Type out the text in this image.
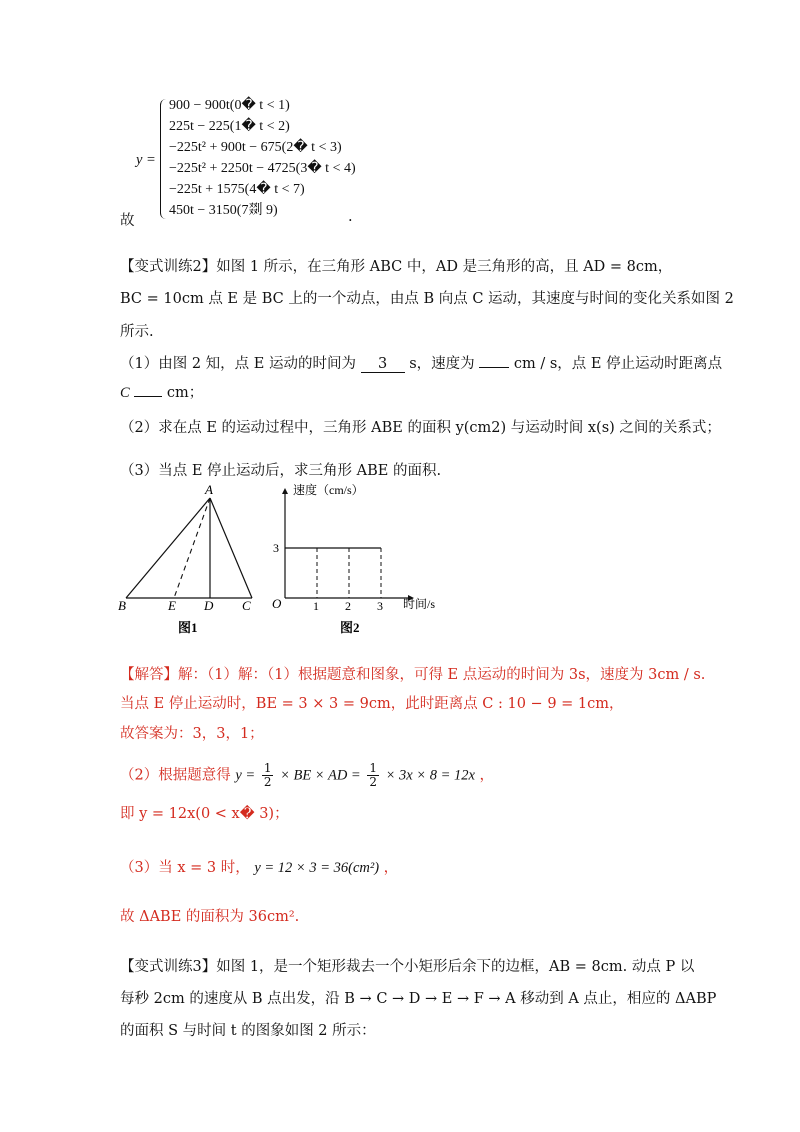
y =
900 − 900t(0� t < 1)
225t − 225(1� t < 2)
−225t² + 900t − 675(2� t < 3)
−225t² + 2250t − 4725(3� t < 4)
−225t + 1575(4� t < 7)
450t − 3150(7剟 9)
故	.
【变式训练2】如图 1 所示，在三角形 ABC 中，AD 是三角形的高，且 AD = 8cm，
BC = 10cm 点 E 是 BC 上的一个动点，由点 B 向点 C 运动，其速度与时间的变化关系如图 2
所示.
（1）由图 2 知，点 E 运动的时间为 3 s，速度为	cm / s，点 E 停止运动时距离点
C	cm；
（2）求在点 E 的运动过程中，三角形 ABE 的面积 y(cm2) 与运动时间 x(s) 之间的关系式；
（3）当点 E 停止运动后，求三角形 ABE 的面积.
A
B	E D C
图1
1 2 3
3
速度（cm/s）
时间/s
O
图2
【解答】解：（1）解：（1）根据题意和图象，可得 E 点运动的时间为 3s，速度为 3cm / s.
当点 E 停止运动时，BE = 3 × 3 = 9cm，此时距离点 C : 10 − 9 = 1cm，
故答案为：3，3，1；
（2）根据题意得 $y = \frac{1}{2}$ × BE × AD = $\frac{1}{2} \times 3x \times 8 = 12x$ ，
即 y = 12x(0 < x� 3)；
（3）当 x = 3 时， y = 12 × 3 = 36(cm²) ，
故 ΔABE 的面积为 36cm².
【变式训练3】如图 1，是一个矩形裁去一个小矩形后余下的边框，AB = 8cm. 动点 P 以
每秒 2cm 的速度从 B 点出发，沿 B → C → D → E → F → A 移动到 A 点止，相应的 ΔABP
的面积 S 与时间 t 的图象如图 2 所示：
